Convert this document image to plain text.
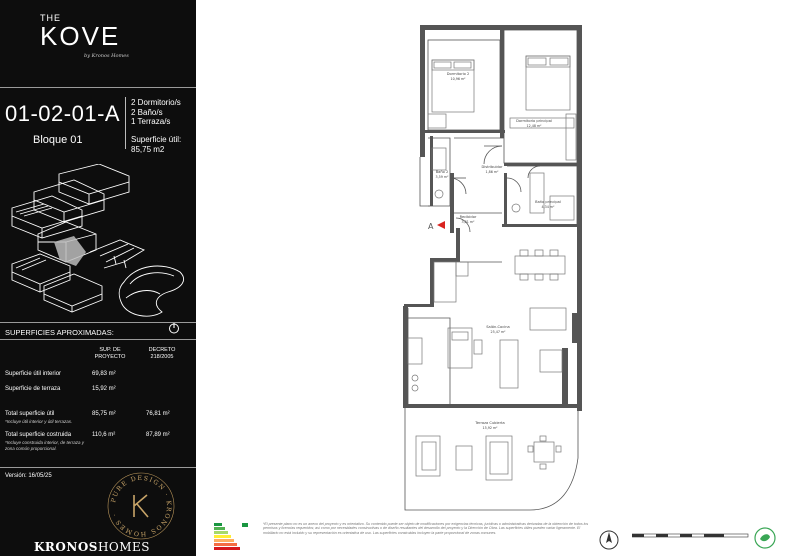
THE
KOVE
by Kronos Homes
01-02-01-A
Bloque 01
2 Dormitorio/s
2 Baño/s
1 Terraza/s
Superficie útil:
85,75 m2
SUPERFICIES APROXIMADAS:
SUP. DE
PROYECTO
DECRETO
218/2005
Superficie útil interior	69,83 m²
Superficie de terraza	15,92 m²
Total superficie útil	85,75 m²	76,81 m²
*Incluye útil interior y útil terrazas.
Total superficie costruida	110,6 m²	87,89 m²
*Incluye construida interior, de terraza y zona común proporcional.
Versión: 16/05/25
PURE DESIGN · KRONOS HOMES ·
KRONOSHOMES
A
Dormitorio 2
10,96 m²
Dormitorio principal
12,48 m²
Distribuidor
1,86 m²
Baño 2
3,59 m²
Baño principal
4,34 m²
Recibidor
3,81 m²
Salón-Cocina
25,47 m²
Terraza Cubierta
15,92 m²
*El presente plano no es un anexo del proyecto y es orientativo. Su contenido puede ser objeto de modificaciones por exigencias técnicas, jurídicas o administrativas derivadas de la obtención de todos los permisos y licencias requeridos; así como por necesidades constructivas o de diseño resultantes del desarrollo del proyecto y la Dirección de Obra. Las superficies útiles pueden variar ligeramente. El mobiliario no está incluido y su representación es orientativa de uso. Las superficies construidas incluyen la parte proporcional de zonas comunes.
